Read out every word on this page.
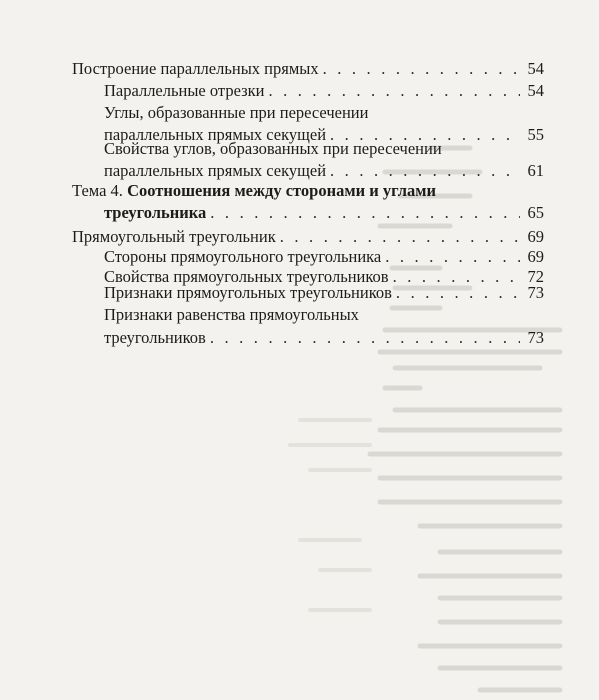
Построение параллельных прямых . . .	54
Параллельные отрезки . . .	54
Углы, образованные при пересечении
параллельных прямых секущей . . .	55
Свойства углов, образованных при пересечении
параллельных прямых секущей . . .	61
Тема 4. Соотношения между сторонами и углами
треугольника . . .	65
Прямоугольный треугольник . . .	69
Стороны прямоугольного треугольника . . .	69
Свойства прямоугольных треугольников . . .	72
Признаки прямоугольных треугольников . . .	73
Признаки равенства прямоугольных
треугольников . . .	73
